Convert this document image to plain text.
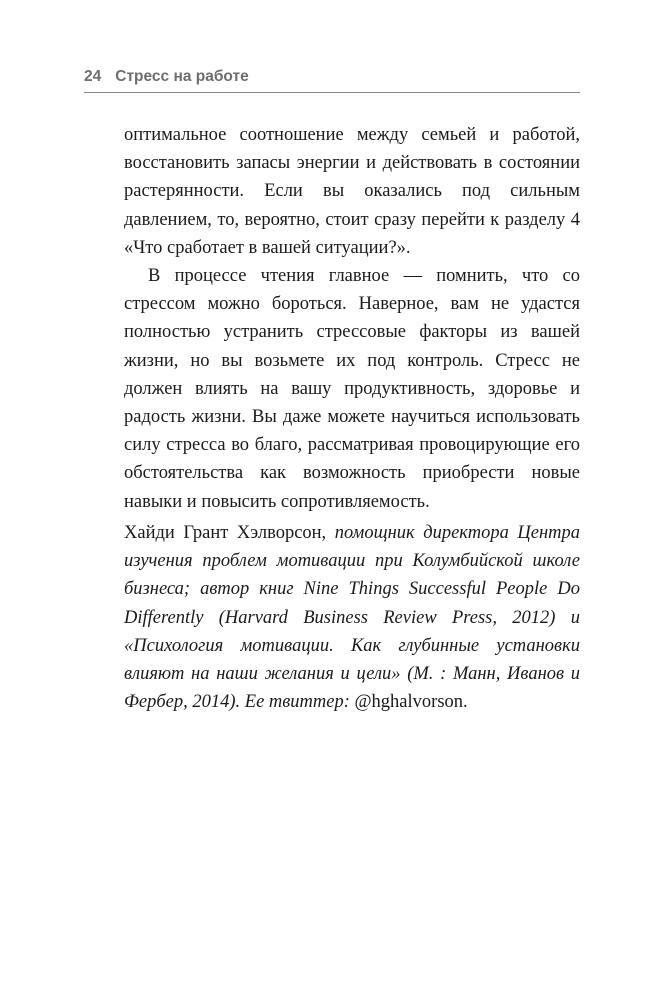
24 Стресс на работе

оптимальное соотношение между семьей и работой, восстановить запасы энергии и действовать в состоянии растерянности. Если вы оказались под сильным давлением, то, вероятно, стоит сразу перейти к разделу 4 «Что сработает в вашей ситуации?».

В процессе чтения главное — помнить, что со стрессом можно бороться. Наверное, вам не удастся полностью устранить стрессовые факторы из вашей жизни, но вы возьмете их под контроль. Стресс не должен влиять на вашу продуктивность, здоровье и радость жизни. Вы даже можете научиться использовать силу стресса во благо, рассматривая провоцирующие его обстоятельства как возможность приобрести новые навыки и повысить сопротивляемость.

Хайди Грант Хэлворсон, помощник директора Центра изучения проблем мотивации при Колумбийской школе бизнеса; автор книг Nine Things Successful People Do Differently (Harvard Business Review Press, 2012) и «Психология мотивации. Как глубинные установки влияют на наши желания и цели» (М. : Манн, Иванов и Фербер, 2014). Ее твиттер: @hghalvorson.
